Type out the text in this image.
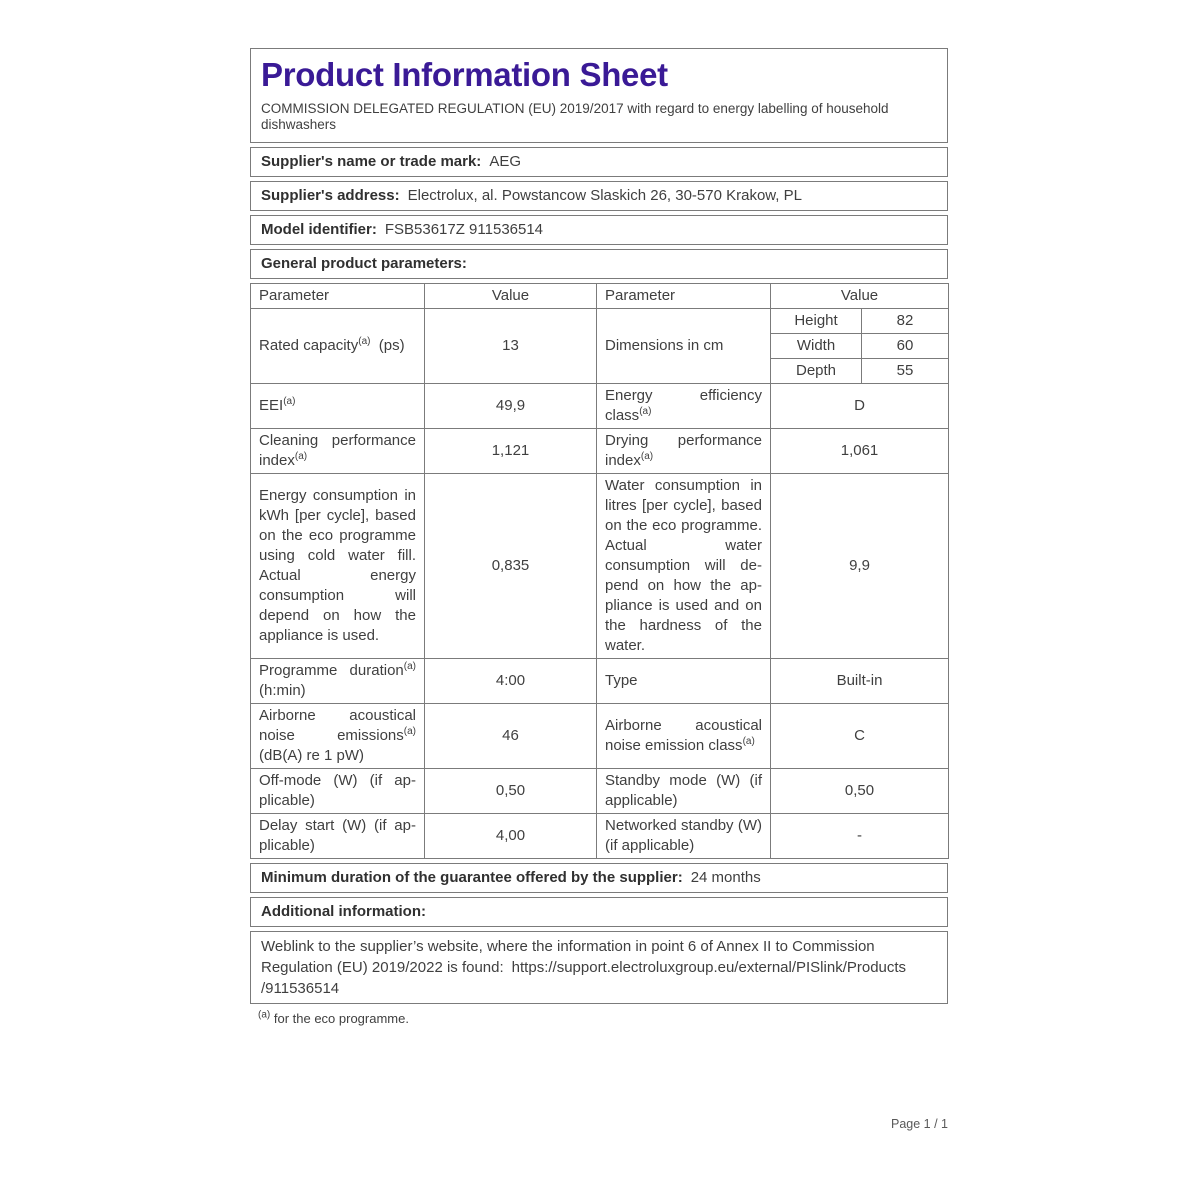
Product Information Sheet
COMMISSION DELEGATED REGULATION (EU) 2019/2017 with regard to energy labelling of household dishwashers
Supplier's name or trade mark: AEG
Supplier's address: Electrolux, al. Powstancow Slaskich 26, 30-570 Krakow, PL
Model identifier: FSB53617Z 911536514
General product parameters:
Parameter	Value	Parameter	Value	
Rated capacity$^{(a)}$  (ps)	13	Dimensions in cm	Height	82
			Width	60
			Depth	55
EEI$^{(a)}$	49,9	Energy efficiency class$^{(a)}$	D	
Cleaning performance index$^{(a)}$	1,121	Drying performance index$^{(a)}$	1,061	
Energy consumption in kWh [per cycle], based on the eco programme using cold water fill. Actual energy consumption will depend on how the appliance is used.	0,835	Water consumption in litres [per cycle], based on the eco programme. Actual water consumption will depend on how the appliance is used and on the hardness of the water.	9,9	
Programme duration$^{(a)}$ (h:min)	4:00	Type	Built-in	
Airborne acoustical noise emissions$^{(a)}$ (dB(A) re 1 pW)	46	Airborne acoustical noise emission class$^{(a)}$	C	
Off-mode (W) (if applicable)	0,50	Standby mode (W) (if applicable)	0,50	
Delay start (W) (if applicable)	4,00	Networked standby (W) (if applicable)	-	
Minimum duration of the guarantee offered by the supplier: 24 months
Additional information:
Weblink to the supplier’s website, where the information in point 6 of Annex II to Commission Regulation (EU) 2019/2022 is found: https://support.electroluxgroup.eu/external/PISlink/Products/911536514
$^{(a)}$ for the eco programme.
Page 1 / 1
